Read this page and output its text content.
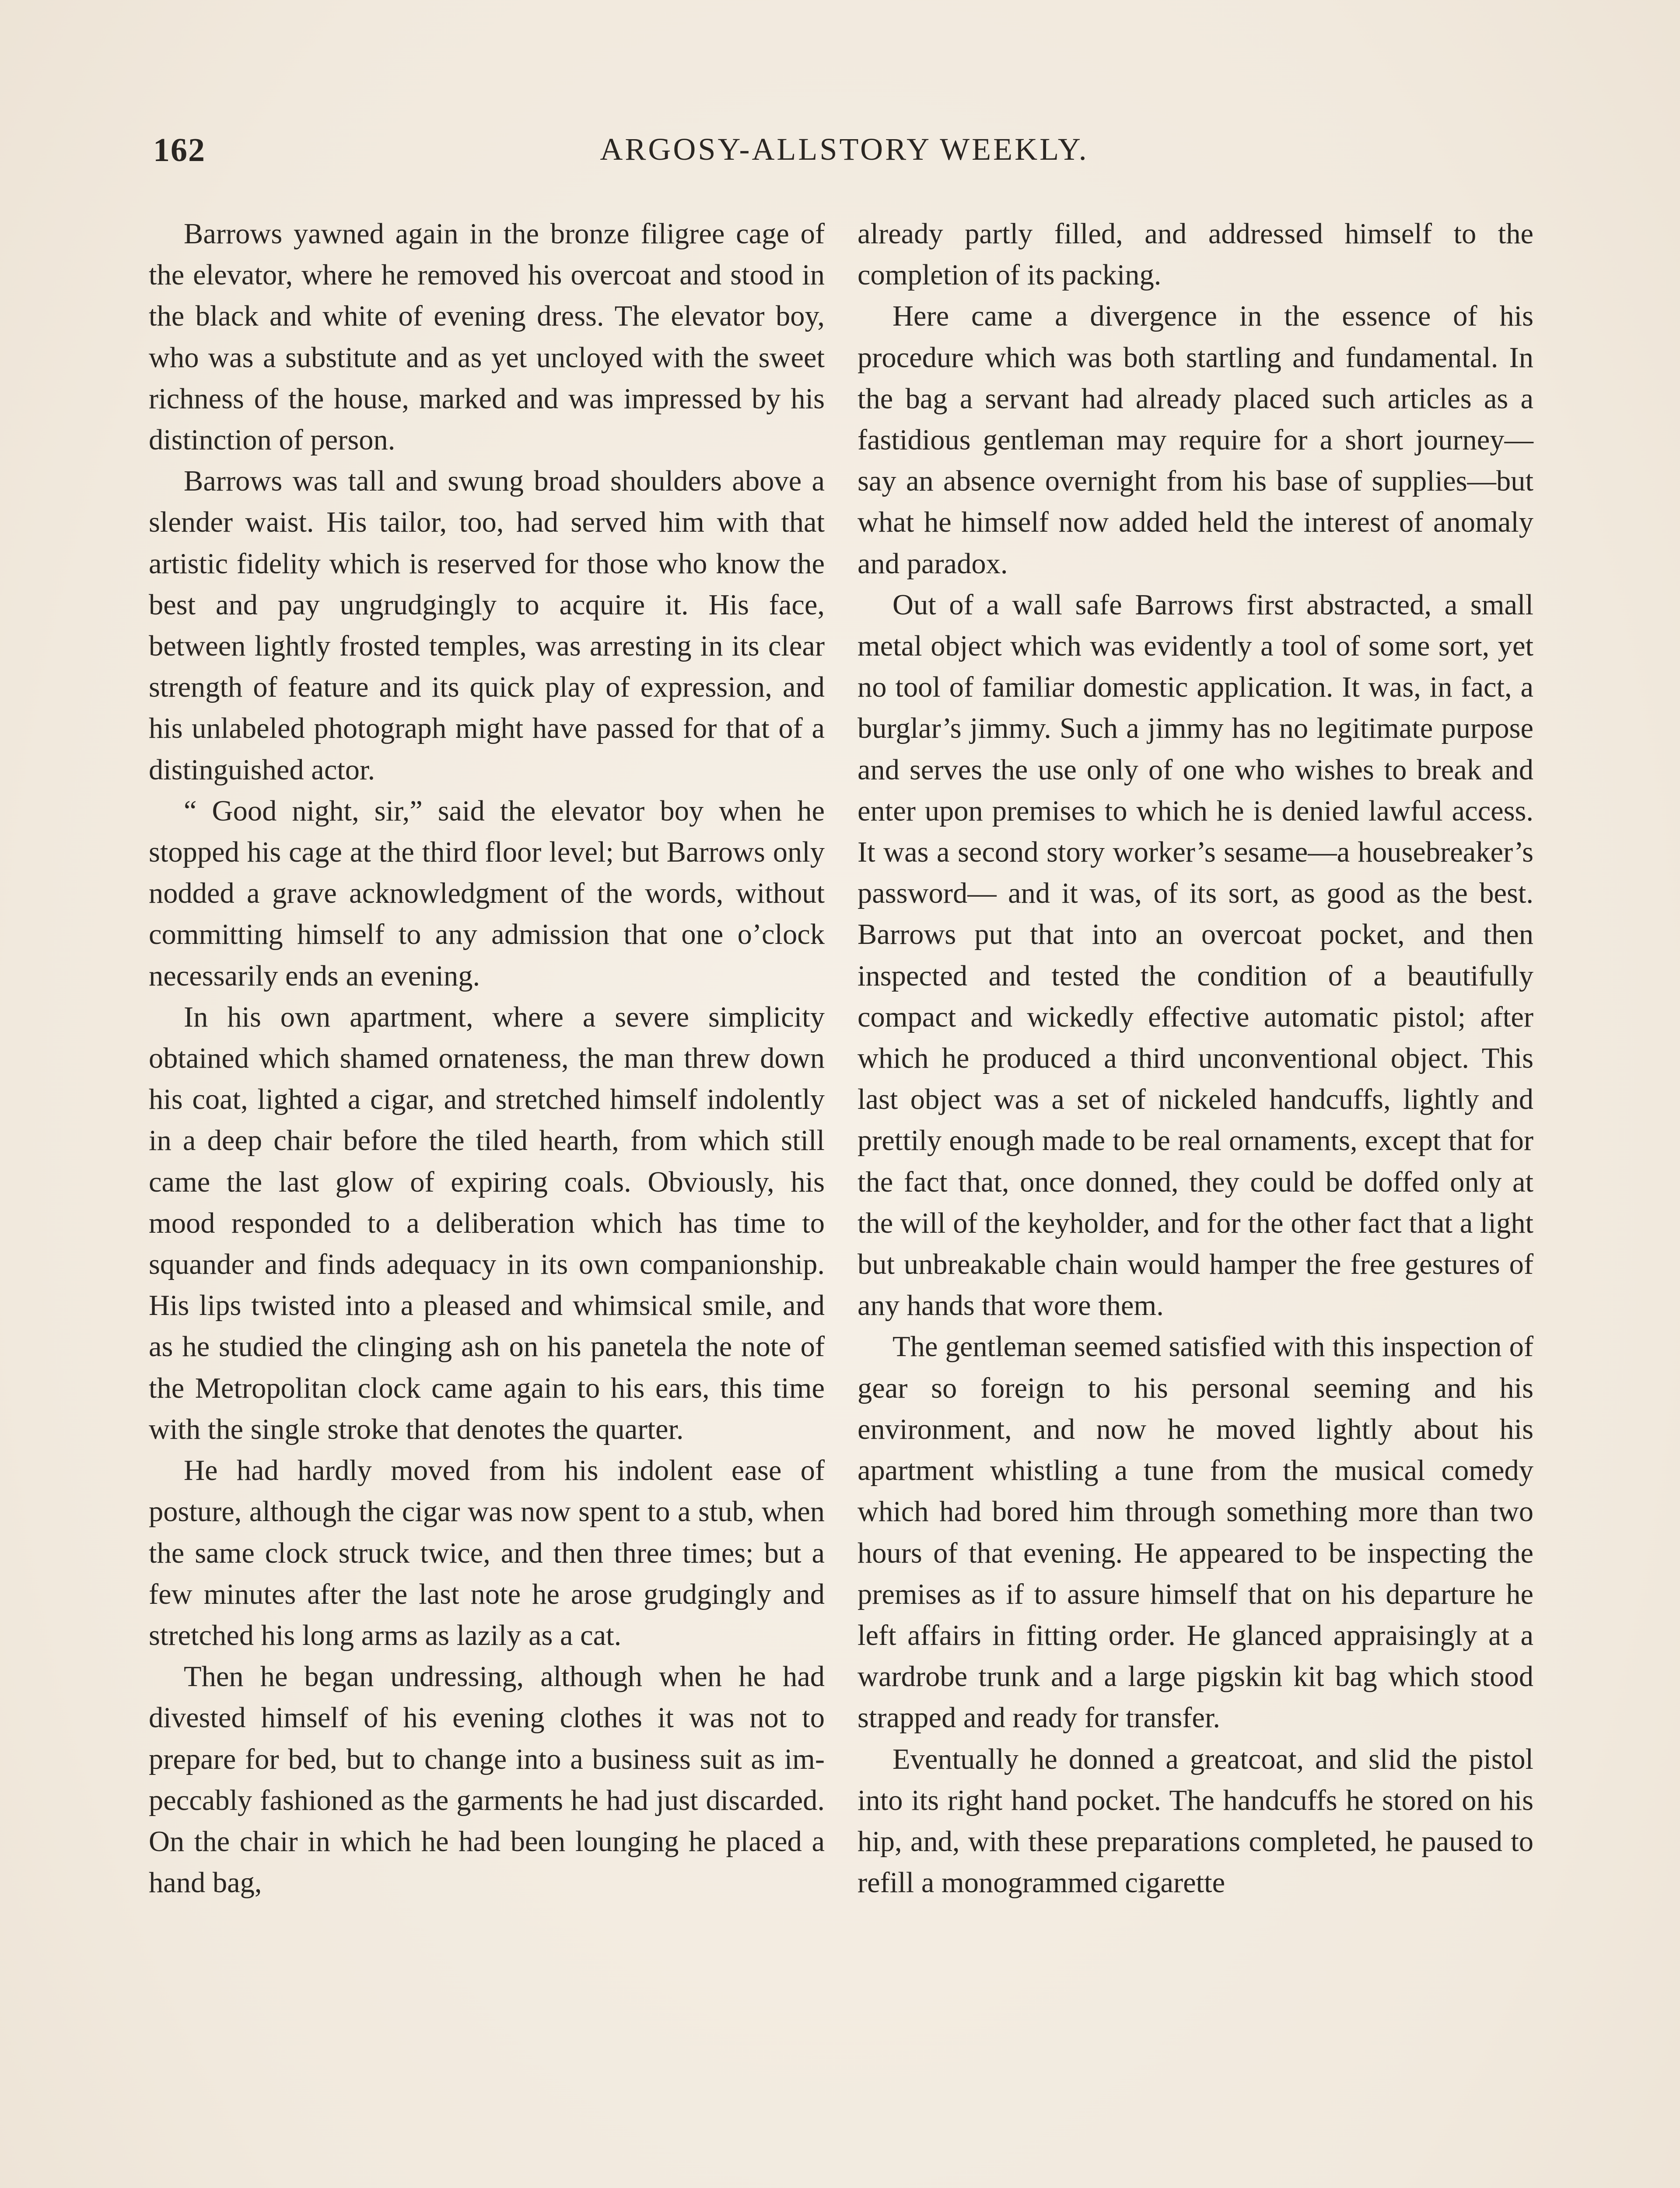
162	ARGOSY-ALLSTORY WEEKLY.

Barrows yawned again in the bronze filigree cage of the elevator, where he removed his overcoat and stood in the black and white of evening dress. The elevator boy, who was a substitute and as yet uncloyed with the sweet richness of the house, marked and was impressed by his distinction of person.

Barrows was tall and swung broad shoulders above a slender waist. His tailor, too, had served him with that artistic fidelity which is reserved for those who know the best and pay ungrudgingly to acquire it. His face, between lightly frosted temples, was arresting in its clear strength of feature and its quick play of expression, and his unlabeled photograph might have passed for that of a distinguished actor.

“ Good night, sir,” said the elevator boy when he stopped his cage at the third floor level; but Barrows only nodded a grave acknowledgment of the words, without committing himself to any admission that one o’clock necessarily ends an evening.

In his own apartment, where a severe simplicity obtained which shamed ornateness, the man threw down his coat, lighted a cigar, and stretched himself indolently in a deep chair before the tiled hearth, from which still came the last glow of expiring coals. Obviously, his mood responded to a deliberation which has time to squander and finds adequacy in its own companionship. His lips twisted into a pleased and whimsical smile, and as he studied the clinging ash on his panetela the note of the Metropolitan clock came again to his ears, this time with the single stroke that denotes the quarter.

He had hardly moved from his indolent ease of posture, although the cigar was now spent to a stub, when the same clock struck twice, and then three times; but a few minutes after the last note he arose grudgingly and stretched his long arms as lazily as a cat.

Then he began undressing, although when he had divested himself of his evening clothes it was not to prepare for bed, but to change into a business suit as impeccably fashioned as the garments he had just discarded. On the chair in which he had been lounging he placed a hand bag,

already partly filled, and addressed himself to the completion of its packing.

Here came a divergence in the essence of his procedure which was both startling and fundamental. In the bag a servant had already placed such articles as a fastidious gentleman may require for a short journey—say an absence overnight from his base of supplies—but what he himself now added held the interest of anomaly and paradox.

Out of a wall safe Barrows first abstracted, a small metal object which was evidently a tool of some sort, yet no tool of familiar domestic application. It was, in fact, a burglar’s jimmy. Such a jimmy has no legitimate purpose and serves the use only of one who wishes to break and enter upon premises to which he is denied lawful access. It was a second story worker’s sesame—a housebreaker’s password— and it was, of its sort, as good as the best. Barrows put that into an overcoat pocket, and then inspected and tested the condition of a beautifully compact and wickedly effective automatic pistol; after which he produced a third unconventional object. This last object was a set of nickeled handcuffs, lightly and prettily enough made to be real ornaments, except that for the fact that, once donned, they could be doffed only at the will of the keyholder, and for the other fact that a light but unbreakable chain would hamper the free gestures of any hands that wore them.

The gentleman seemed satisfied with this inspection of gear so foreign to his personal seeming and his environment, and now he moved lightly about his apartment whistling a tune from the musical comedy which had bored him through something more than two hours of that evening. He appeared to be inspecting the premises as if to assure himself that on his departure he left affairs in fitting order. He glanced appraisingly at a wardrobe trunk and a large pigskin kit bag which stood strapped and ready for transfer.

Eventually he donned a greatcoat, and slid the pistol into its right hand pocket. The handcuffs he stored on his hip, and, with these preparations completed, he paused to refill a monogrammed cigarette
